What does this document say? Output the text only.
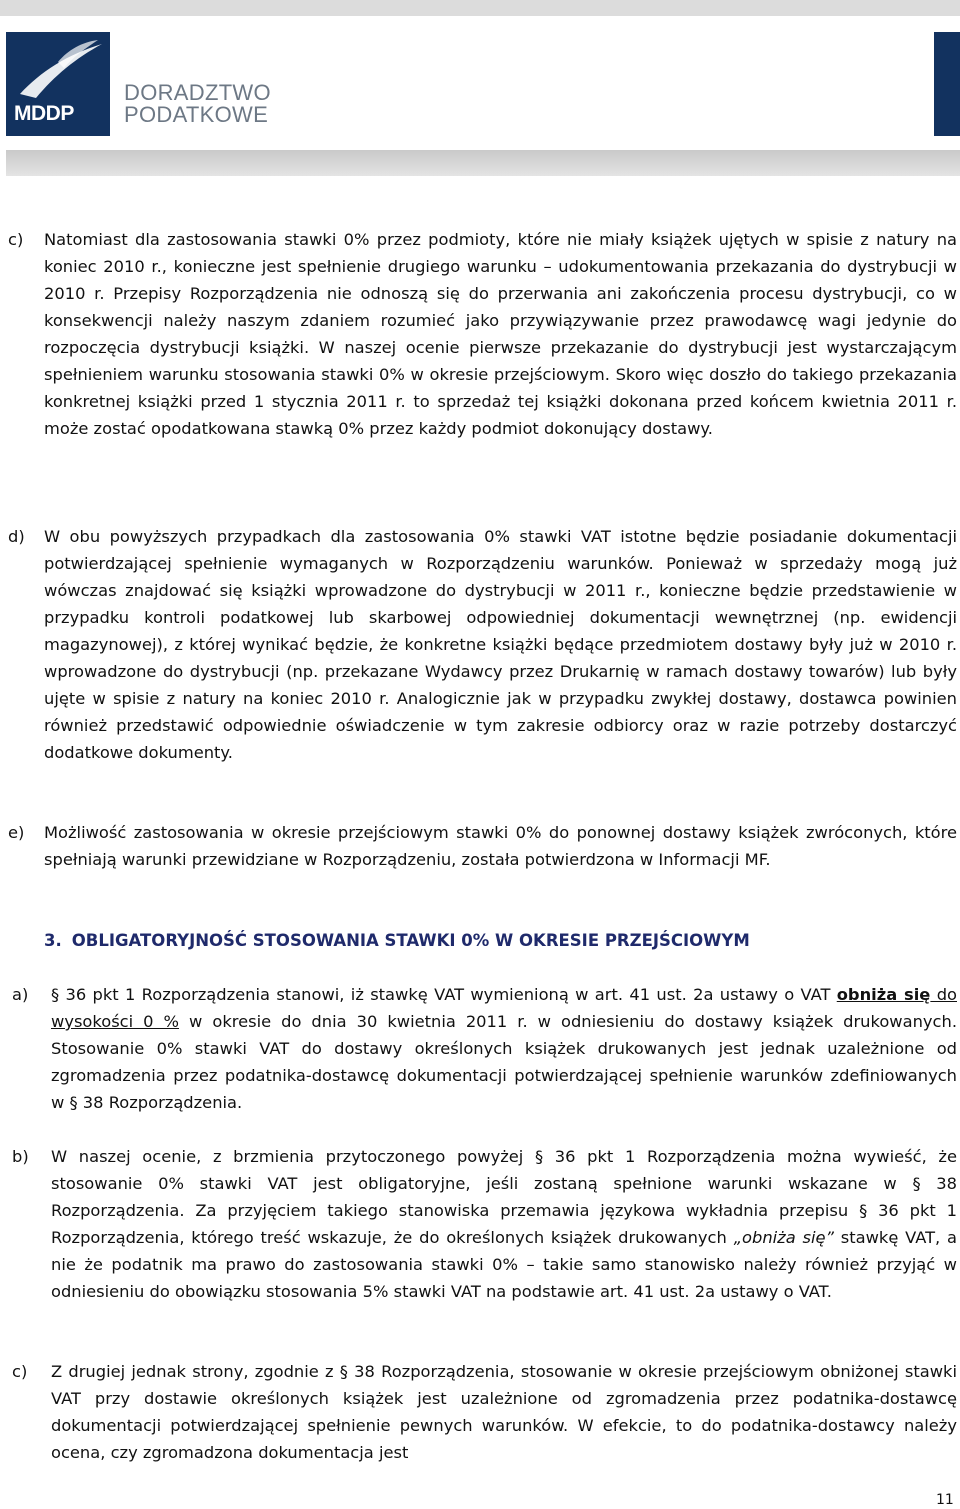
MDDP
DORADZTWO
PODATKOWE
c) Natomiast dla zastosowania stawki 0% przez podmioty, które nie miały książek ujętych w spisie z natury na koniec 2010 r., konieczne jest spełnienie drugiego warunku – udokumentowania przekazania do dystrybucji w 2010 r. Przepisy Rozporządzenia nie odnoszą się do przerwania ani zakończenia procesu dystrybucji, co w konsekwencji należy naszym zdaniem rozumieć jako przywiązywanie przez prawodawcę wagi jedynie do rozpoczęcia dystrybucji książki. W naszej ocenie pierwsze przekazanie do dystrybucji jest wystarczającym spełnieniem warunku stosowania stawki 0% w okresie przejściowym. Skoro więc doszło do takiego przekazania konkretnej książki przed 1 stycznia 2011 r. to sprzedaż tej książki dokonana przed końcem kwietnia 2011 r. może zostać opodatkowana stawką 0% przez każdy podmiot dokonujący dostawy.
d) W obu powyższych przypadkach dla zastosowania 0% stawki VAT istotne będzie posiadanie dokumentacji potwierdzającej spełnienie wymaganych w Rozporządzeniu warunków. Ponieważ w sprzedaży mogą już wówczas znajdować się książki wprowadzone do dystrybucji w 2011 r., konieczne będzie przedstawienie w przypadku kontroli podatkowej lub skarbowej odpowiedniej dokumentacji wewnętrznej (np. ewidencji magazynowej), z której wynikać będzie, że konkretne książki będące przedmiotem dostawy były już w 2010 r. wprowadzone do dystrybucji (np. przekazane Wydawcy przez Drukarnię w ramach dostawy towarów) lub były ujęte w spisie z natury na koniec 2010 r. Analogicznie jak w przypadku zwykłej dostawy, dostawca powinien również przedstawić odpowiednie oświadczenie w tym zakresie odbiorcy oraz w razie potrzeby dostarczyć dodatkowe dokumenty.
e) Możliwość zastosowania w okresie przejściowym stawki 0% do ponownej dostawy książek zwróconych, które spełniają warunki przewidziane w Rozporządzeniu, została potwierdzona w Informacji MF.
3. OBLIGATORYJNOŚĆ STOSOWANIA STAWKI 0% W OKRESIE PRZEJŚCIOWYM
a) § 36 pkt 1 Rozporządzenia stanowi, iż stawkę VAT wymienioną w art. 41 ust. 2a ustawy o VAT obniża się do wysokości 0 % w okresie do dnia 30 kwietnia 2011 r. w odniesieniu do dostawy książek drukowanych. Stosowanie 0% stawki VAT do dostawy określonych książek drukowanych jest jednak uzależnione od zgromadzenia przez podatnika-dostawcę dokumentacji potwierdzającej spełnienie warunków zdefiniowanych w § 38 Rozporządzenia.
b) W naszej ocenie, z brzmienia przytoczonego powyżej § 36 pkt 1 Rozporządzenia można wywieść, że stosowanie 0% stawki VAT jest obligatoryjne, jeśli zostaną spełnione warunki wskazane w § 38 Rozporządzenia. Za przyjęciem takiego stanowiska przemawia językowa wykładnia przepisu § 36 pkt 1 Rozporządzenia, którego treść wskazuje, że do określonych książek drukowanych „obniża się” stawkę VAT, a nie że podatnik ma prawo do zastosowania stawki 0% – takie samo stanowisko należy również przyjąć w odniesieniu do obowiązku stosowania 5% stawki VAT na podstawie art. 41 ust. 2a ustawy o VAT.
c) Z drugiej jednak strony, zgodnie z § 38 Rozporządzenia, stosowanie w okresie przejściowym obniżonej stawki VAT przy dostawie określonych książek jest uzależnione od zgromadzenia przez podatnika-dostawcę dokumentacji potwierdzającej spełnienie pewnych warunków. W efekcie, to do podatnika-dostawcy należy ocena, czy zgromadzona dokumentacja jest
11
